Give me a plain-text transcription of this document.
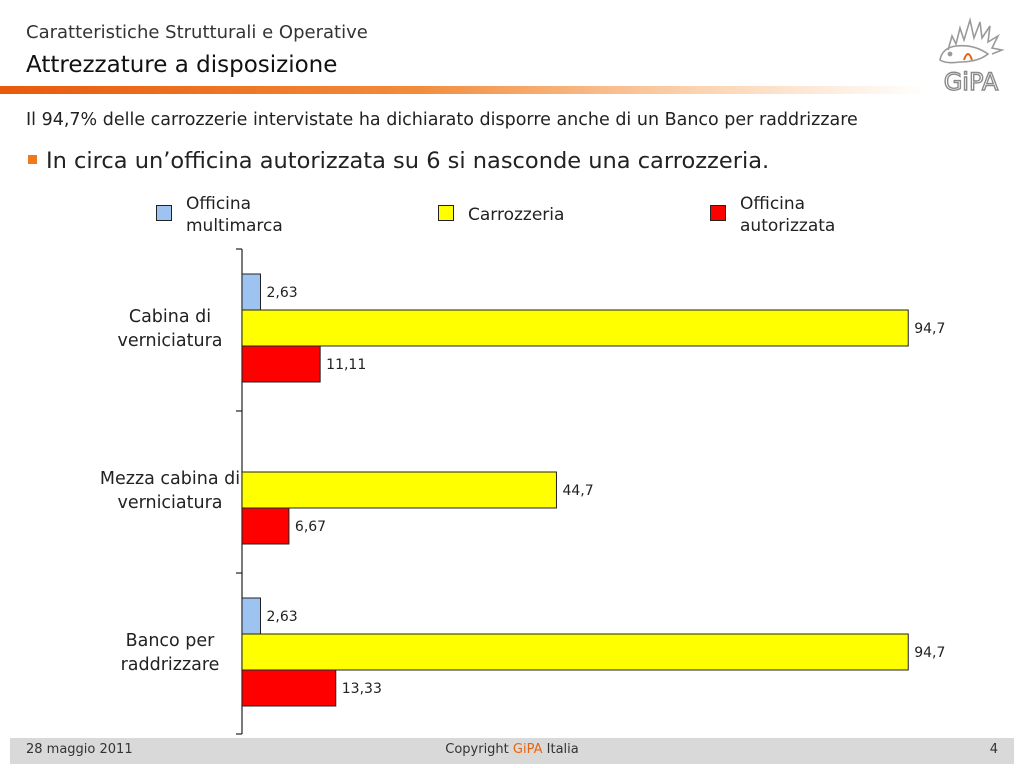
Caratteristiche Strutturali e Operative
Attrezzature a disposizione
GiPA
Il 94,7% delle carrozzerie intervistate ha dichiarato disporre anche di un Banco per raddrizzare
In circa un’officina autorizzata su 6 si nasconde una carrozzeria.
Officina
multimarca
Carrozzeria
Officina
autorizzata
Cabina di verniciatura
2,63
94,7
11,11
Mezza cabina di verniciatura
44,7
6,67
Banco per raddrizzare
2,63
94,7
13,33
28 maggio 2011	Copyright GiPA Italia	4
